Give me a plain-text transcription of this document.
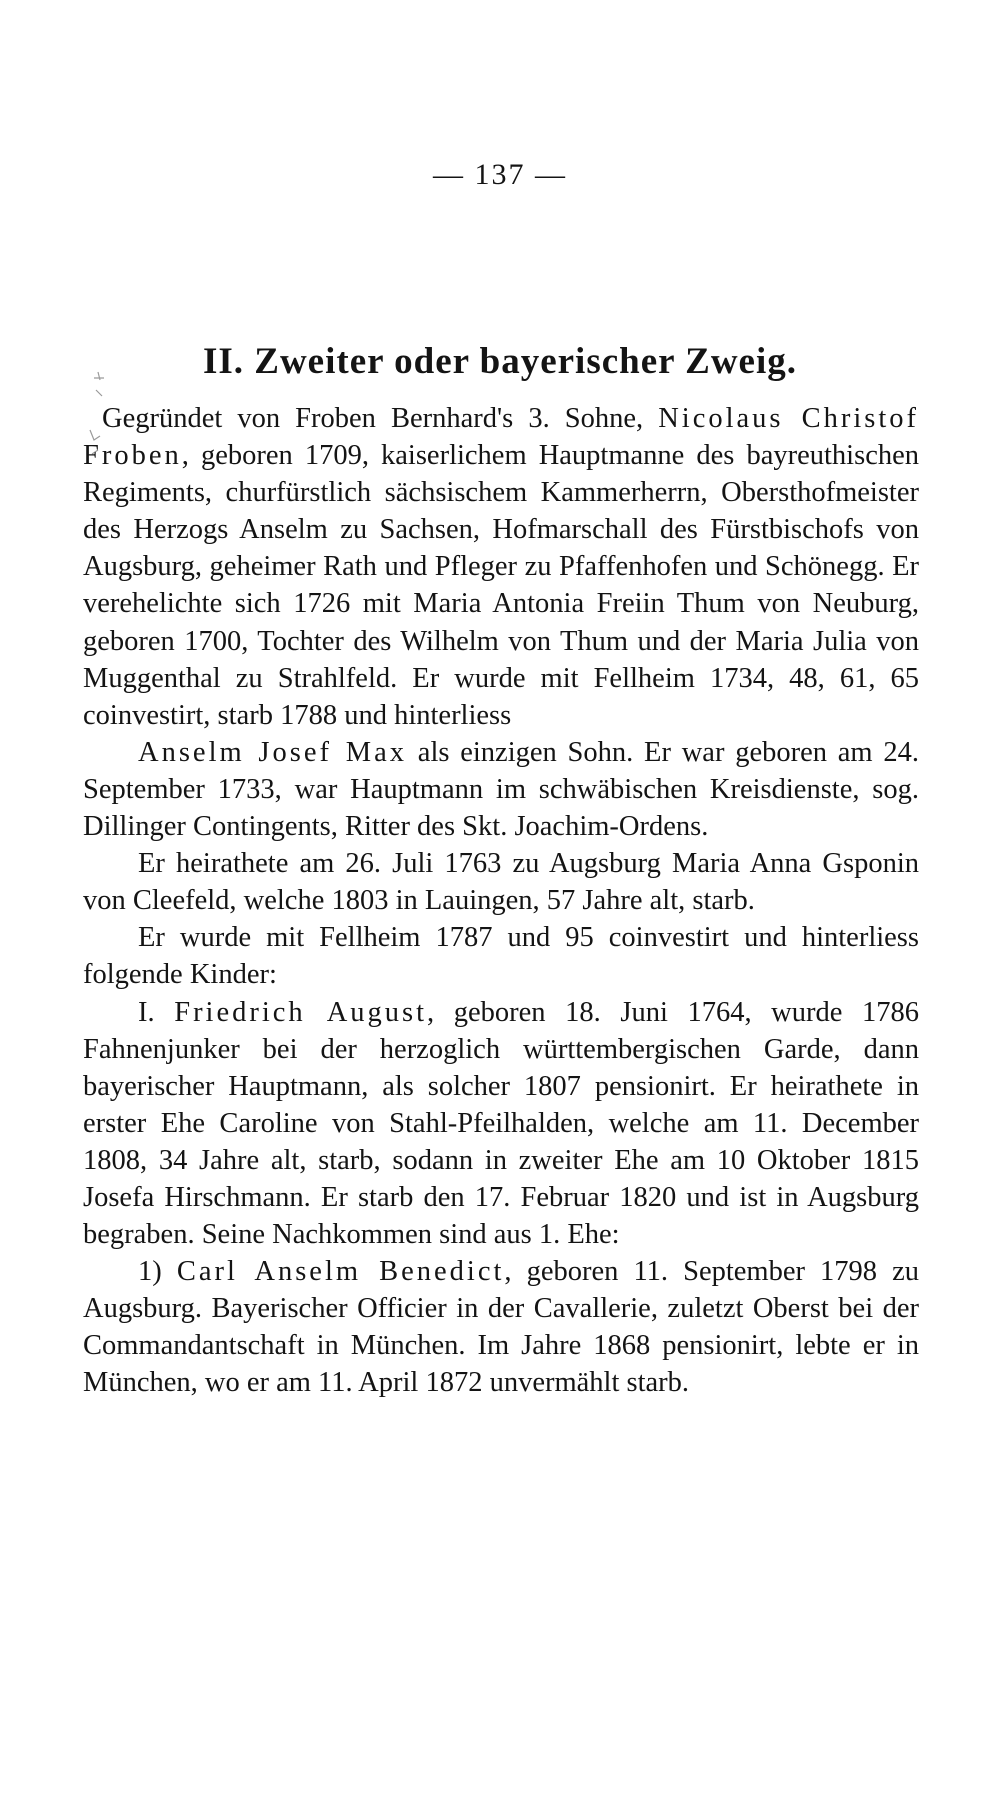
— 137 —
II. Zweiter oder bayerischer Zweig.

Gegründet von Froben Bernhard's 3. Sohne, Nicolaus Christof Froben, geboren 1709, kaiserlichem Hauptmanne des bayreuthischen Regiments, churfürstlich sächsischem Kammerherrn, Obersthofmeister des Herzogs Anselm zu Sachsen, Hofmarschall des Fürstbischofs von Augsburg, geheimer Rath und Pfleger zu Pfaffenhofen und Schönegg. Er verehelichte sich 1726 mit Maria Antonia Freiin Thum von Neuburg, geboren 1700, Tochter des Wilhelm von Thum und der Maria Julia von Muggenthal zu Strahlfeld. Er wurde mit Fellheim 1734, 48, 61, 65 coinvestirt, starb 1788 und hinterliess

Anselm Josef Max als einzigen Sohn. Er war geboren am 24. September 1733, war Hauptmann im schwäbischen Kreisdienste, sog. Dillinger Contingents, Ritter des Skt. Joachim-Ordens.

Er heirathete am 26. Juli 1763 zu Augsburg Maria Anna Gsponin von Cleefeld, welche 1803 in Lauingen, 57 Jahre alt, starb.

Er wurde mit Fellheim 1787 und 95 coinvestirt und hinterliess folgende Kinder:

I. Friedrich August, geboren 18. Juni 1764, wurde 1786 Fahnenjunker bei der herzoglich württembergischen Garde, dann bayerischer Hauptmann, als solcher 1807 pensionirt. Er heirathete in erster Ehe Caroline von Stahl-Pfeilhalden, welche am 11. December 1808, 34 Jahre alt, starb, sodann in zweiter Ehe am 10 Oktober 1815 Josefa Hirschmann. Er starb den 17. Februar 1820 und ist in Augsburg begraben. Seine Nachkommen sind aus 1. Ehe:

1) Carl Anselm Benedict, geboren 11. September 1798 zu Augsburg. Bayerischer Officier in der Cavallerie, zuletzt Oberst bei der Commandantschaft in München. Im Jahre 1868 pensionirt, lebte er in München, wo er am 11. April 1872 unvermählt starb.
